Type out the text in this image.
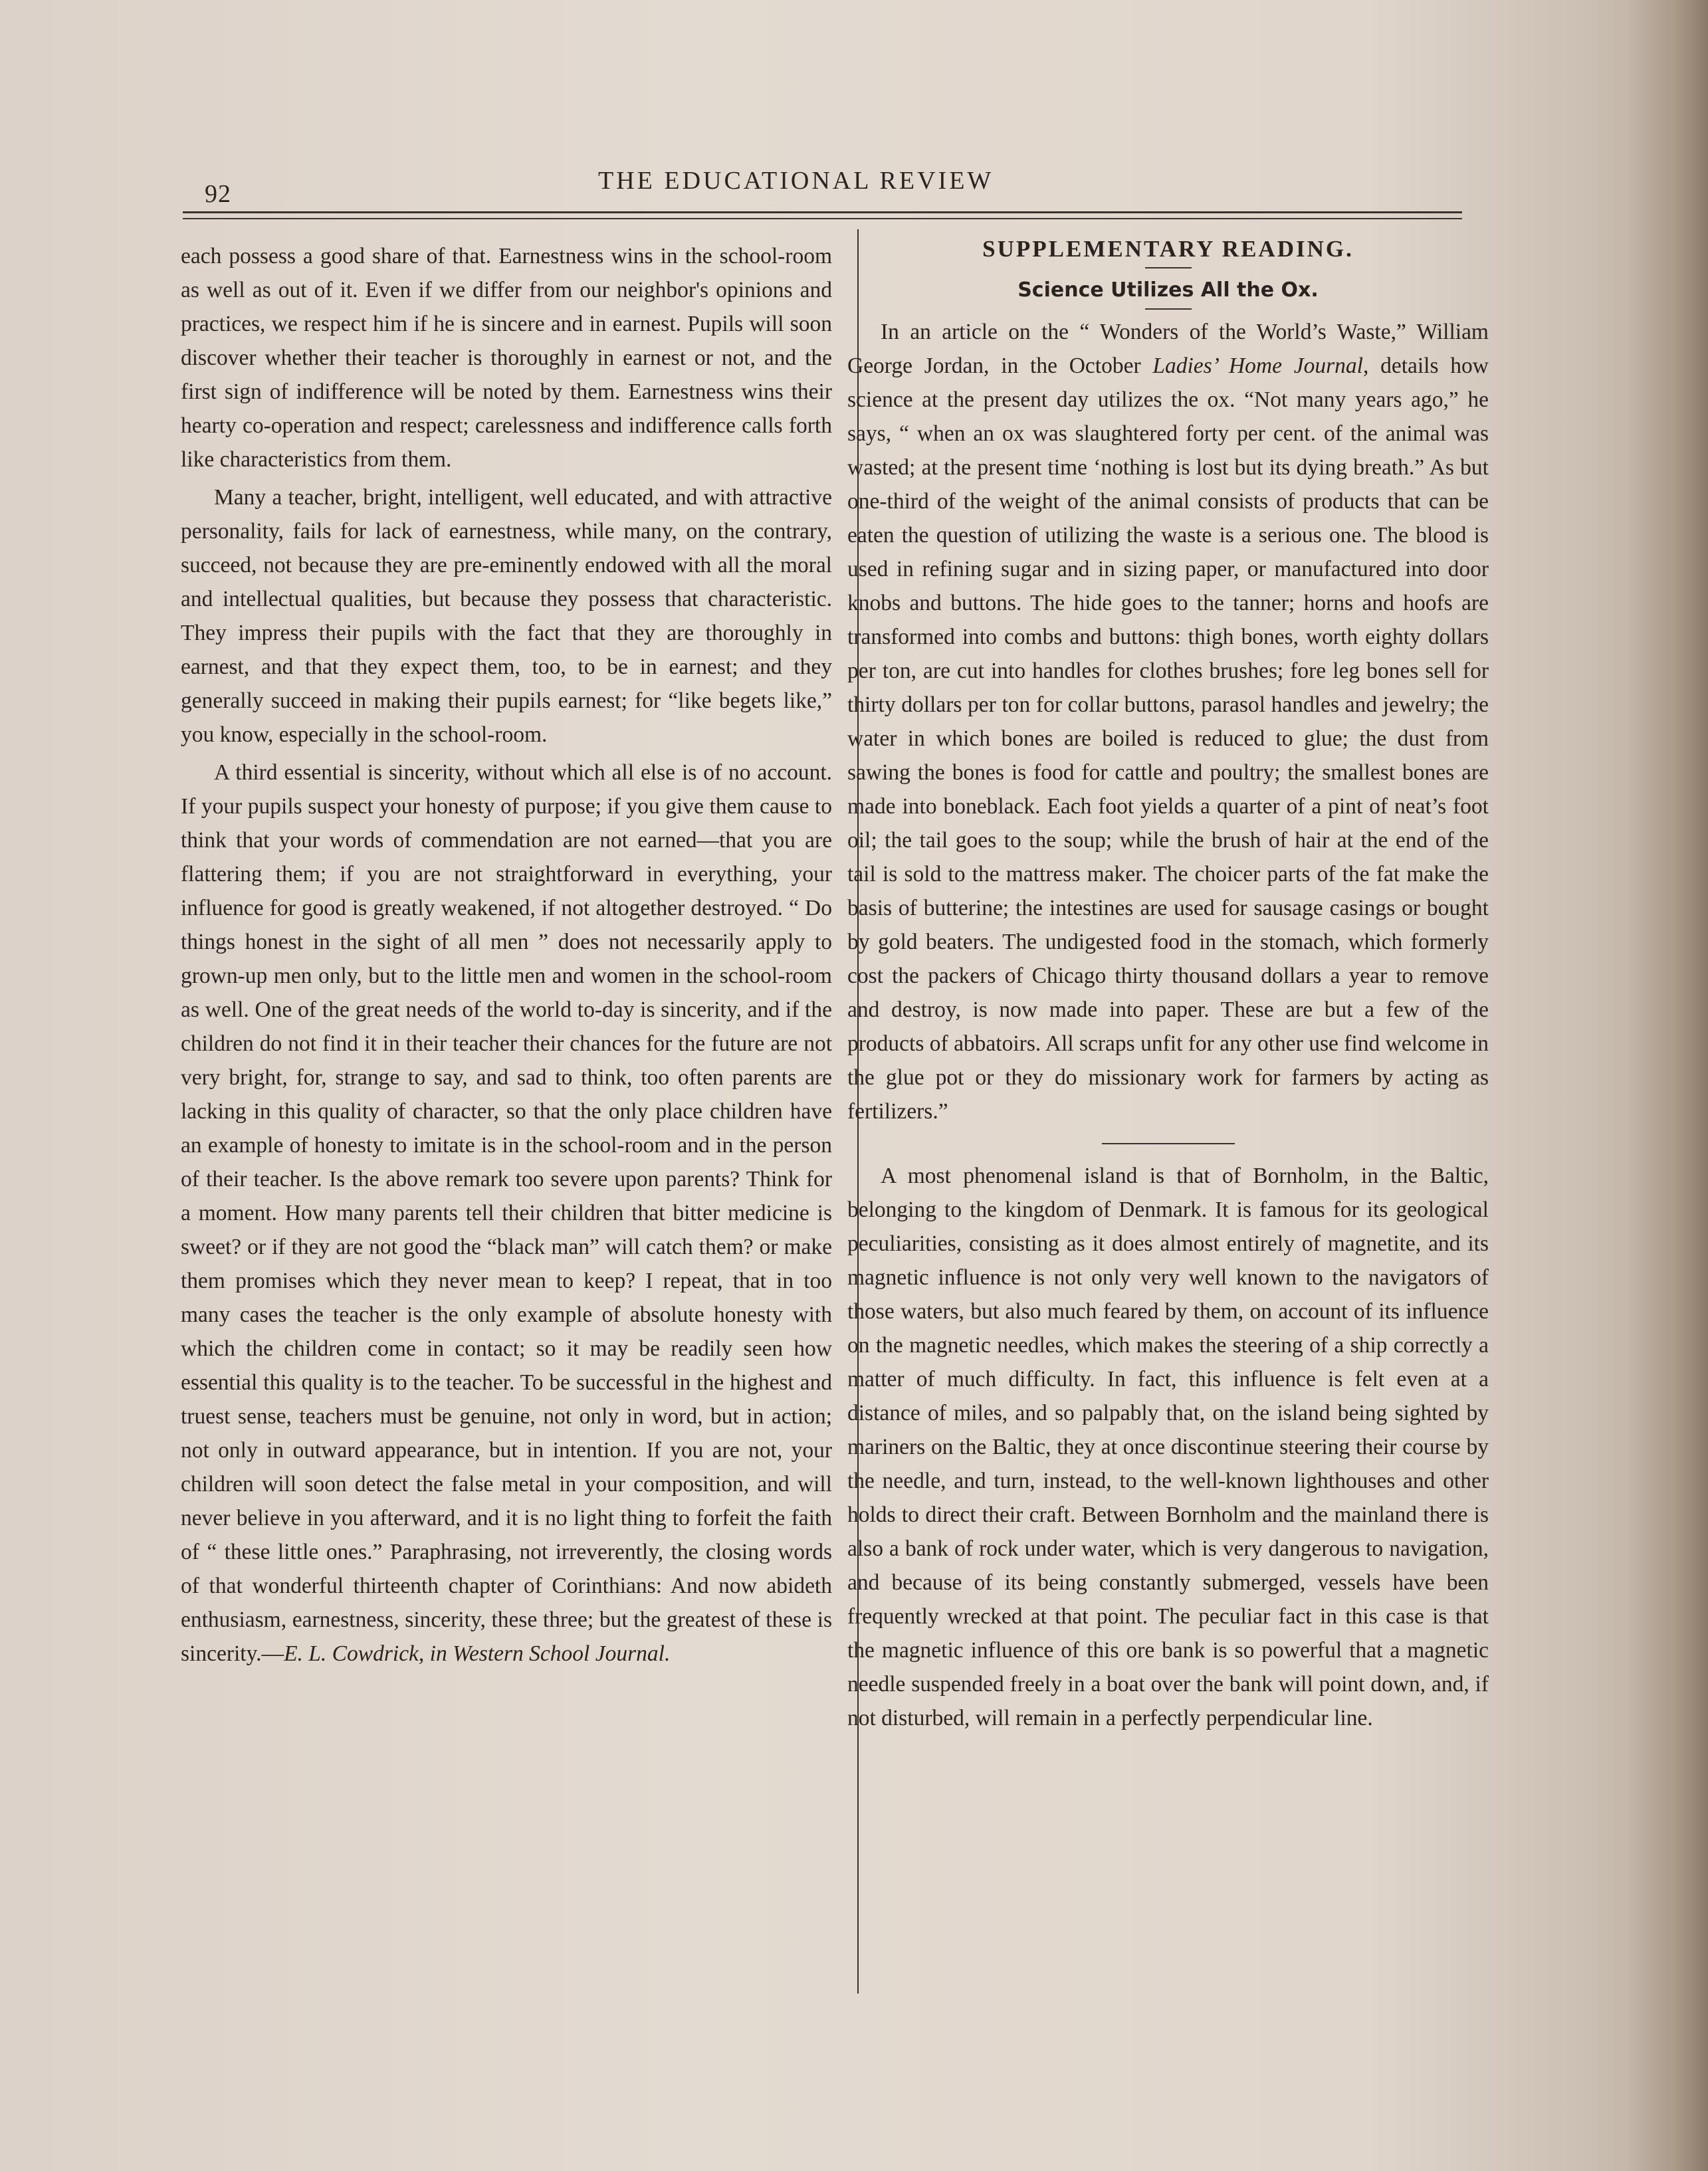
92	THE EDUCATIONAL REVIEW

each possess a good share of that. Earnestness wins in the school-room as well as out of it. Even if we differ from our neighbor's opinions and practices, we respect him if he is sincere and in earnest. Pupils will soon discover whether their teacher is thoroughly in earnest or not, and the first sign of indifference will be noted by them. Earnestness wins their hearty co-operation and respect; carelessness and indifference calls forth like characteristics from them.

Many a teacher, bright, intelligent, well educated, and with attractive personality, fails for lack of earnestness, while many, on the contrary, succeed, not because they are pre-eminently endowed with all the moral and intellectual qualities, but because they possess that characteristic. They impress their pupils with the fact that they are thoroughly in earnest, and that they expect them, too, to be in earnest; and they generally succeed in making their pupils earnest; for “like begets like,” you know, especially in the school-room.

A third essential is sincerity, without which all else is of no account. If your pupils suspect your honesty of purpose; if you give them cause to think that your words of commendation are not earned—that you are flattering them; if you are not straightforward in everything, your influence for good is greatly weakened, if not altogether destroyed. “ Do things honest in the sight of all men ” does not necessarily apply to grown-up men only, but to the little men and women in the school-room as well. One of the great needs of the world to-day is sincerity, and if the children do not find it in their teacher their chances for the future are not very bright, for, strange to say, and sad to think, too often parents are lacking in this quality of character, so that the only place children have an example of honesty to imitate is in the school-room and in the person of their teacher. Is the above remark too severe upon parents? Think for a moment. How many parents tell their children that bitter medicine is sweet? or if they are not good the “black man” will catch them? or make them promises which they never mean to keep? I repeat, that in too many cases the teacher is the only example of absolute honesty with which the children come in contact; so it may be readily seen how essential this quality is to the teacher. To be successful in the highest and truest sense, teachers must be genuine, not only in word, but in action; not only in outward appearance, but in intention. If you are not, your children will soon detect the false metal in your composition, and will never believe in you afterward, and it is no light thing to forfeit the faith of “ these little ones.” Paraphrasing, not irreverently, the closing words of that wonderful thirteenth chapter of Corinthians: And now abideth enthusiasm, earnestness, sincerity, these three; but the greatest of these is sincerity.—E. L. Cowdrick, in Western School Journal.

SUPPLEMENTARY READING.
Science Utilizes All the Ox.

In an article on the “ Wonders of the World’s Waste,” William George Jordan, in the October Ladies’ Home Journal, details how science at the present day utilizes the ox. “Not many years ago,” he says, “ when an ox was slaughtered forty per cent. of the animal was wasted; at the present time ‘nothing is lost but its dying breath.” As but one-third of the weight of the animal consists of products that can be eaten the question of utilizing the waste is a serious one. The blood is used in refining sugar and in sizing paper, or manufactured into door knobs and buttons. The hide goes to the tanner; horns and hoofs are transformed into combs and buttons: thigh bones, worth eighty dollars per ton, are cut into handles for clothes brushes; fore leg bones sell for thirty dollars per ton for collar buttons, parasol handles and jewelry; the water in which bones are boiled is reduced to glue; the dust from sawing the bones is food for cattle and poultry; the smallest bones are made into boneblack. Each foot yields a quarter of a pint of neat’s foot oil; the tail goes to the soup; while the brush of hair at the end of the tail is sold to the mattress maker. The choicer parts of the fat make the basis of butterine; the intestines are used for sausage casings or bought by gold beaters. The undigested food in the stomach, which formerly cost the packers of Chicago thirty thousand dollars a year to remove and destroy, is now made into paper. These are but a few of the products of abbatoirs. All scraps unfit for any other use find welcome in the glue pot or they do missionary work for farmers by acting as fertilizers.”

A most phenomenal island is that of Bornholm, in the Baltic, belonging to the kingdom of Denmark. It is famous for its geological peculiarities, consisting as it does almost entirely of magnetite, and its magnetic influence is not only very well known to the navigators of those waters, but also much feared by them, on account of its influence on the magnetic needles, which makes the steering of a ship correctly a matter of much difficulty. In fact, this influence is felt even at a distance of miles, and so palpably that, on the island being sighted by mariners on the Baltic, they at once discontinue steering their course by the needle, and turn, instead, to the well-known lighthouses and other holds to direct their craft. Between Bornholm and the mainland there is also a bank of rock under water, which is very dangerous to navigation, and because of its being constantly submerged, vessels have been frequently wrecked at that point. The peculiar fact in this case is that the magnetic influence of this ore bank is so powerful that a magnetic needle suspended freely in a boat over the bank will point down, and, if not disturbed, will remain in a perfectly perpendicular line.
